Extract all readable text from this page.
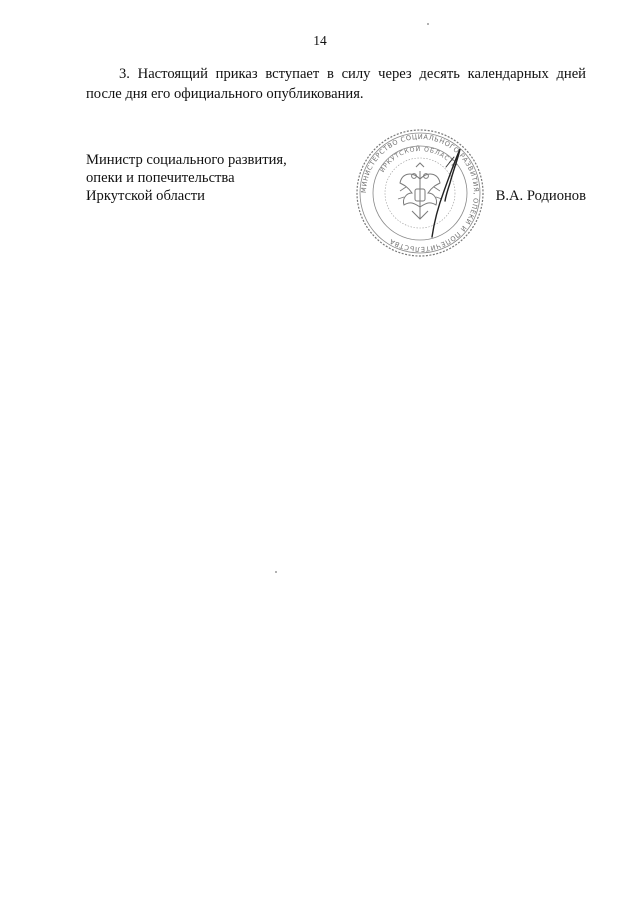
14

3. Настоящий приказ вступает в силу через десять календарных дней после дня его официального опубликования.

Министр социального развития,
опеки и попечительства
Иркутской области	МИНИСТЕРСТВО СОЦИАЛЬНОГО РАЗВИТИЯ, ОПЕКИ И ПОПЕЧИТЕЛЬСТВА
ИРКУТСКОЙ ОБЛАСТИ
В.А. Родионов
